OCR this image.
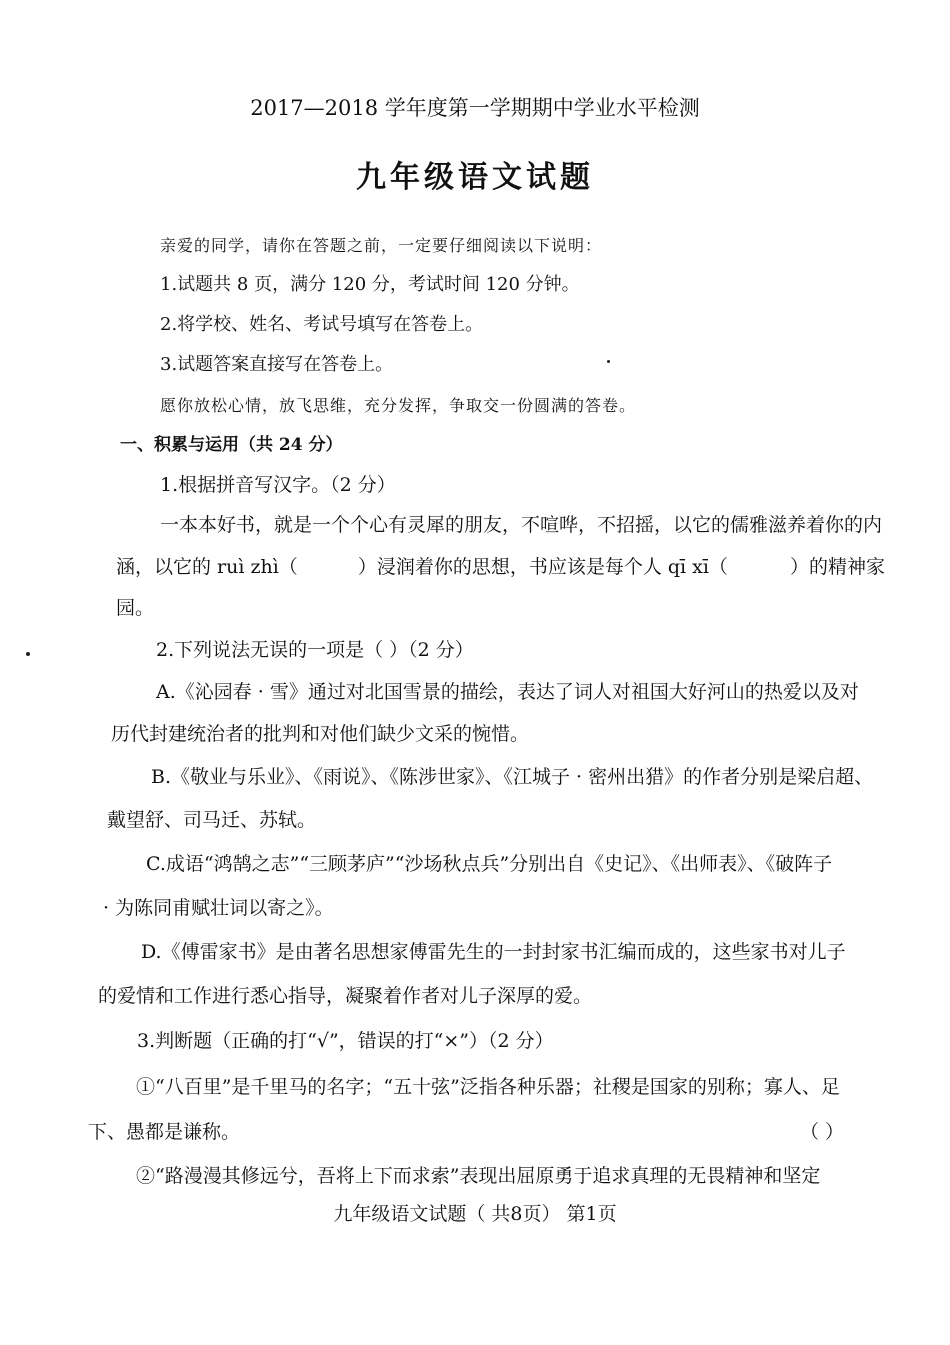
2017—2018 学年度第一学期期中学业水平检测
九年级语文试题
亲爱的同学，请你在答题之前，一定要仔细阅读以下说明：
1.试题共 8 页，满分 120 分，考试时间 120 分钟。
2.将学校、姓名、考试号填写在答卷上。
3.试题答案直接写在答卷上。
愿你放松心情，放飞思维，充分发挥，争取交一份圆满的答卷。
一、积累与运用（共 24 分）
1.根据拼音写汉字。（2 分）
一本本好书，就是一个个心有灵犀的朋友，不喧哗，不招摇，以它的儒雅滋养着你的内
涵，以它的 ruì zhì（	）浸润着你的思想，书应该是每个人 qī xī（	）的精神家
园。
2.下列说法无误的一项是（ ）（2 分）
A.《沁园春 · 雪》通过对北国雪景的描绘，表达了词人对祖国大好河山的热爱以及对
历代封建统治者的批判和对他们缺少文采的惋惜。
B.《敬业与乐业》、《雨说》、《陈涉世家》、《江城子 · 密州出猎》的作者分别是梁启超、
戴望舒、司马迁、苏轼。
C.成语“鸿鹄之志”“三顾茅庐”“沙场秋点兵”分别出自《史记》、《出师表》、《破阵子
· 为陈同甫赋壮词以寄之》。
D.《傅雷家书》是由著名思想家傅雷先生的一封封家书汇编而成的，这些家书对儿子
的爱情和工作进行悉心指导，凝聚着作者对儿子深厚的爱。
3.判断题（正确的打“√”，错误的打“×”）（2 分）
①“八百里”是千里马的名字；“五十弦”泛指各种乐器；社稷是国家的别称；寡人、足
下、愚都是谦称。	（ ）
②“路漫漫其修远兮，吾将上下而求索”表现出屈原勇于追求真理的无畏精神和坚定
九年级语文试题（ 共8页） 第1页
